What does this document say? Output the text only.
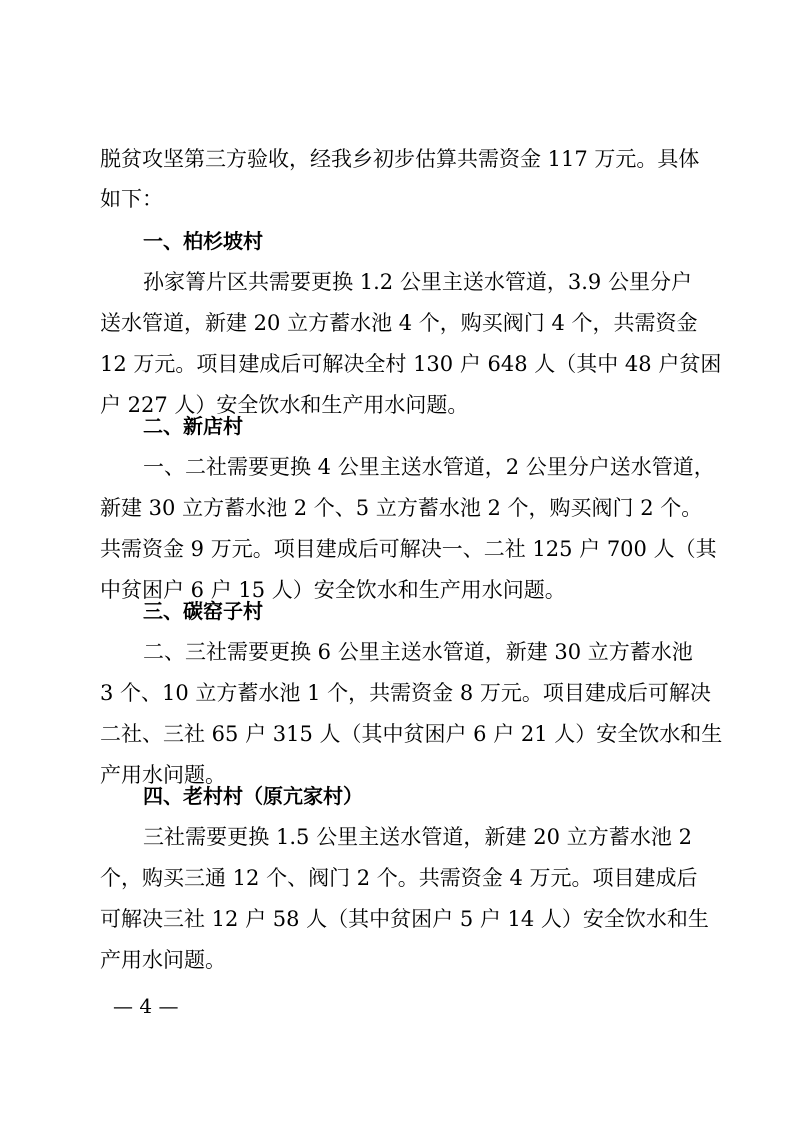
脱贫攻坚第三方验收，经我乡初步估算共需资金 117 万元。具体
如下：
一、柏杉坡村
孙家箐片区共需要更换 1.2 公里主送水管道，3.9 公里分户
送水管道，新建 20 立方蓄水池 4 个，购买阀门 4 个，共需资金
12 万元。项目建成后可解决全村 130 户 648 人（其中 48 户贫困
户 227 人）安全饮水和生产用水问题。
二、新店村
一、二社需要更换 4 公里主送水管道，2 公里分户送水管道，
新建 30 立方蓄水池 2 个、5 立方蓄水池 2 个，购买阀门 2 个。
共需资金 9 万元。项目建成后可解决一、二社 125 户 700 人（其
中贫困户 6 户 15 人）安全饮水和生产用水问题。
三、碳窑子村
二、三社需要更换 6 公里主送水管道，新建 30 立方蓄水池
3 个、10 立方蓄水池 1 个，共需资金 8 万元。项目建成后可解决
二社、三社 65 户 315 人（其中贫困户 6 户 21 人）安全饮水和生
产用水问题。
四、老村村（原亢家村）
三社需要更换 1.5 公里主送水管道，新建 20 立方蓄水池 2
个，购买三通 12 个、阀门 2 个。共需资金 4 万元。项目建成后
可解决三社 12 户 58 人（其中贫困户 5 户 14 人）安全饮水和生
产用水问题。
— 4 —
